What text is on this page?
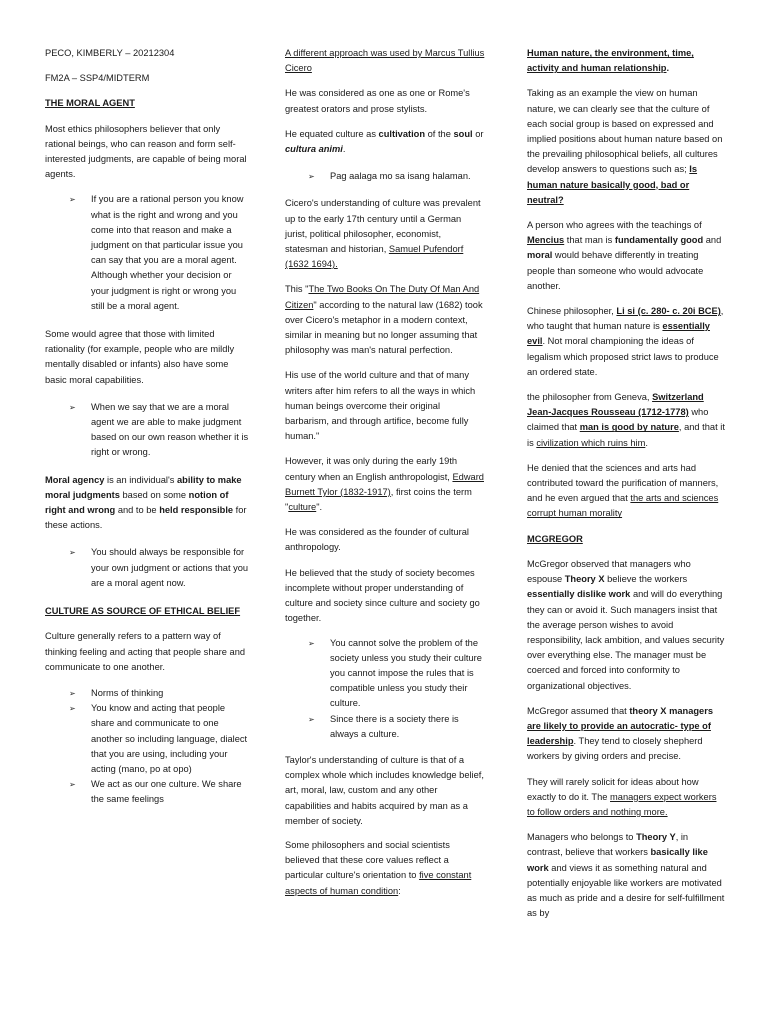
PECO, KIMBERLY – 20212304

FM2A – SSP4/MIDTERM

THE MORAL AGENT

Most ethics philosophers believer that only rational beings, who can reason and form self-interested judgments, are capable of being moral agents.

➢ If you are a rational person you know what is the right and wrong and you come into that reason and make a judgment on that particular issue you can say that you are a moral agent. Although whether your decision or your judgment is right or wrong you still be a moral agent.

Some would agree that those with limited rationality (for example, people who are mildly mentally disabled or infants) also have some basic moral capabilities.

➢ When we say that we are a moral agent we are able to make judgment based on our own reason whether it is right or wrong.

Moral agency is an individual's ability to make moral judgments based on some notion of right and wrong and to be held responsible for these actions.

➢ You should always be responsible for your own judgment or actions that you are a moral agent now.

CULTURE AS SOURCE OF ETHICAL BELIEF

Culture generally refers to a pattern way of thinking feeling and acting that people share and communicate to one another.

➢ Norms of thinking
➢ You know and acting that people share and communicate to one another so including language, dialect that you are using, including your acting (mano, po at opo)
➢ We act as our one culture. We share the same feelings

A different approach was used by Marcus Tullius Cicero

He was considered as one as one or Rome's greatest orators and prose stylists.

He equated culture as cultivation of the soul or cultura animi.

➢ Pag aalaga mo sa isang halaman.

Cicero's understanding of culture was prevalent up to the early 17th century until a German jurist, political philosopher, economist, statesman and historian, Samuel Pufendorf (1632 1694).

This "The Two Books On The Duty Of Man And Citizen" according to the natural law (1682) took over Cicero's metaphor in a modern context, similar in meaning but no longer assuming that philosophy was man's natural perfection.

His use of the world culture and that of many writers after him refers to all the ways in which human beings overcome their original barbarism, and through artifice, become fully human."

However, it was only during the early 19th century when an English anthropologist, Edward Burnett Tylor (1832-1917), first coins the term "culture".

He was considered as the founder of cultural anthropology.

He believed that the study of society becomes incomplete without proper understanding of culture and society since culture and society go together.

➢ You cannot solve the problem of the society unless you study their culture you cannot impose the rules that is compatible unless you study their culture.
➢ Since there is a society there is always a culture.

Taylor's understanding of culture is that of a complex whole which includes knowledge belief, art, moral, law, custom and any other capabilities and habits acquired by man as a member of society.

Some philosophers and social scientists believed that these core values reflect a particular culture's orientation to five constant aspects of human condition:

Human nature, the environment, time, activity and human relationship.

Taking as an example the view on human nature, we can clearly see that the culture of each social group is based on expressed and implied positions about human nature based on the prevailing philosophical beliefs, all cultures develop answers to questions such as; Is human nature basically good, bad or neutral?

A person who agrees with the teachings of Mencius that man is fundamentally good and moral would behave differently in treating people than someone who would advocate another.

Chinese philosopher, Li si (c. 280- c. 20i BCE), who taught that human nature is essentially evil. Not moral championing the ideas of legalism which proposed strict laws to produce an ordered state.

the philosopher from Geneva, Switzerland Jean-Jacques Rousseau (1712-1778) who claimed that man is good by nature, and that it is civilization which ruins him.

He denied that the sciences and arts had contributed toward the purification of manners, and he even argued that the arts and sciences corrupt human morality

MCGREGOR

McGregor observed that managers who espouse Theory X believe the workers essentially dislike work and will do everything they can or avoid it. Such managers insist that the average person wishes to avoid responsibility, lack ambition, and values security over everything else. The manager must be coerced and forced into conformity to organizational objectives.

McGregor assumed that theory X managers are likely to provide an autocratic- type of leadership. They tend to closely shepherd workers by giving orders and precise.

They will rarely solicit for ideas about how exactly to do it. The managers expect workers to follow orders and nothing more.

Managers who belongs to Theory Y, in contrast, believe that workers basically like work and views it as something natural and potentially enjoyable like workers are motivated as much as pride and a desire for self-fulfillment as by
